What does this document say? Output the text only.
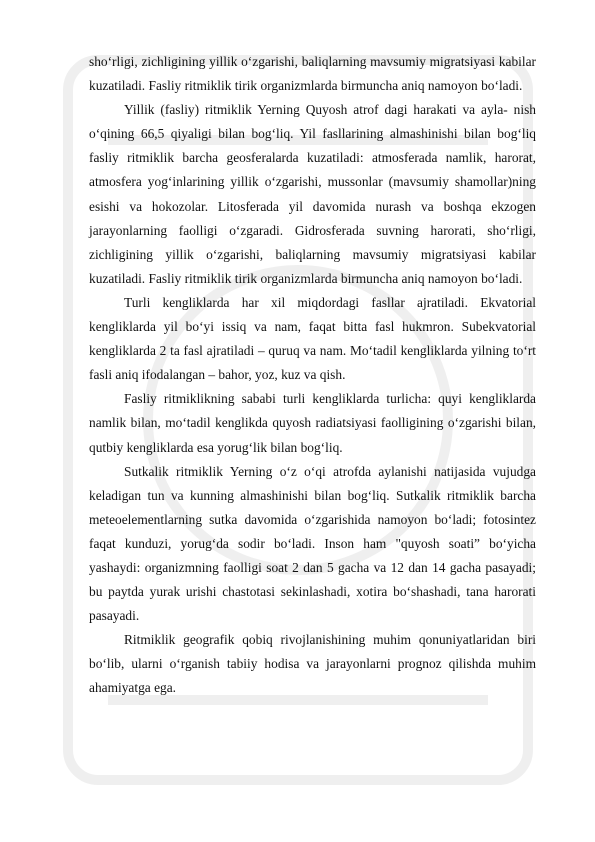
sho‘rligi, zichligining yillik o‘zgarishi, baliqlarning mavsumiy migratsiyasi kabilar kuzatiladi. Fasliy ritmiklik tirik organizmlarda birmuncha aniq namoyon bo‘ladi.

Yillik (fasliy) ritmiklik Yerning Quyosh atrof dagi harakati va ayla- nish o‘qining 66,5 qiyaligi bilan bog‘liq. Yil fasllarining almashinishi bilan bog‘liq fasliy ritmiklik barcha geosferalarda kuzatiladi: atmosferada namlik, harorat, atmosfera yog‘inlarining yillik o‘zgarishi, mussonlar (mavsumiy shamollar)ning esishi va hokozolar. Litosferada yil davomida nurash va boshqa ekzogen jarayonlarning faolligi o‘zgaradi. Gidrosferada suvning harorati, sho‘rligi, zichligining yillik o‘zgarishi, baliqlarning mavsumiy migratsiyasi kabilar kuzatiladi. Fasliy ritmiklik tirik organizmlarda birmuncha aniq namoyon bo‘ladi.

Turli kengliklarda har xil miqdordagi fasllar ajratiladi. Ekvatorial kengliklarda yil bo‘yi issiq va nam, faqat bitta fasl hukmron. Subekvatorial kengliklarda 2 ta fasl ajratiladi – quruq va nam. Mo‘tadil kengliklarda yilning to‘rt fasli aniq ifodalangan – bahor, yoz, kuz va qish.

Fasliy ritmiklikning sababi turli kengliklarda turlicha: quyi kengliklarda namlik bilan, mo‘tadil kenglikda quyosh radiatsiyasi faolligining o‘zgarishi bilan, qutbiy kengliklarda esa yorug‘lik bilan bog‘liq.

Sutkalik ritmiklik Yerning o‘z o‘qi atrofda aylanishi natijasida vujudga keladigan tun va kunning almashinishi bilan bog‘liq. Sutkalik ritmiklik barcha meteoelementlarning sutka davomida o‘zgarishida namoyon bo‘ladi; fotosintez faqat kunduzi, yorug‘da sodir bo‘ladi. Inson ham "quyosh soati” bo‘yicha yashaydi: organizmning faolligi soat 2 dan 5 gacha va 12 dan 14 gacha pasayadi; bu paytda yurak urishi chastotasi sekinlashadi, xotira bo‘shashadi, tana harorati pasayadi.

Ritmiklik geografik qobiq rivojlanishining muhim qonuniyatlaridan biri bo‘lib, ularni o‘rganish tabiiy hodisa va jarayonlarni prognoz qilishda muhim ahamiyatga ega.
